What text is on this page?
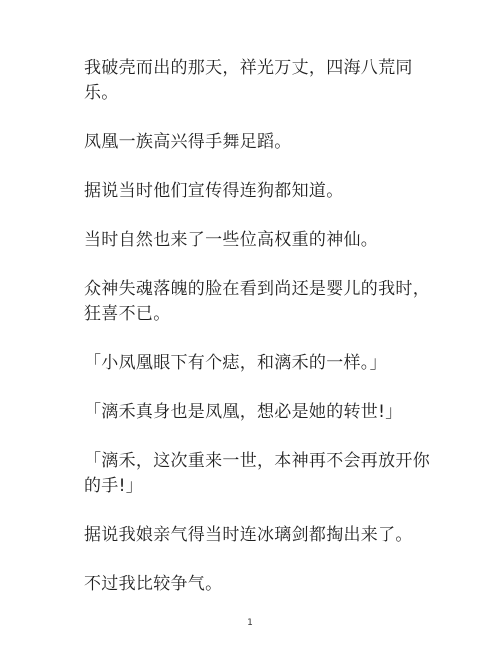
我破壳而出的那天，祥光万丈，四海八荒同乐。

凤凰一族高兴得手舞足蹈。

据说当时他们宣传得连狗都知道。

当时自然也来了一些位高权重的神仙。

众神失魂落魄的脸在看到尚还是婴儿的我时，狂喜不已。

「小凤凰眼下有个痣，和漓禾的一样。」

「漓禾真身也是凤凰，想必是她的转世!」

「漓禾，这次重来一世，本神再不会再放开你的手!」

据说我娘亲气得当时连冰璃剑都掏出来了。

不过我比较争气。

1
